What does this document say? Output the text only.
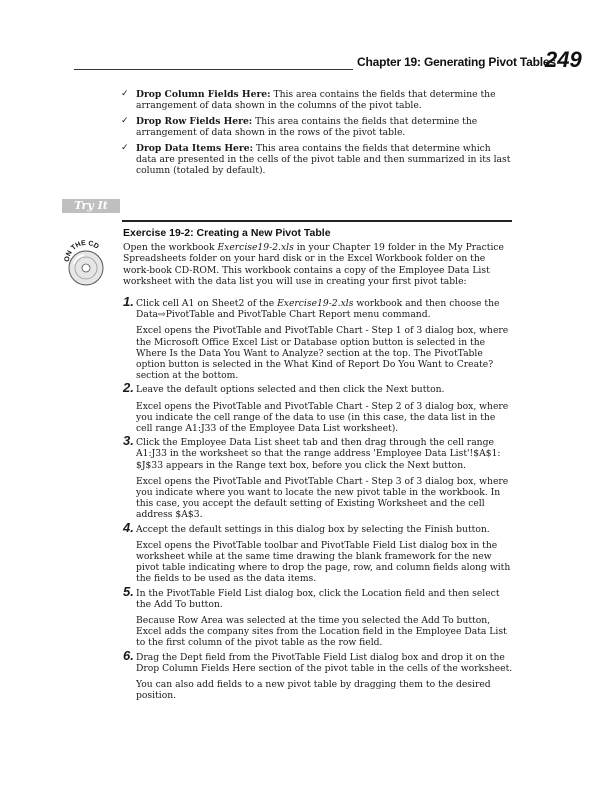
Chapter 19: Generating Pivot Tables
249
✓ Drop Column Fields Here: This area contains the fields that determine the arrangement of data shown in the columns of the pivot table.
✓ Drop Row Fields Here: This area contains the fields that determine the arrangement of data shown in the rows of the pivot table.
✓ Drop Data Items Here: This area contains the fields that determine which data are presented in the cells of the pivot table and then summarized in its last column (totaled by default).
Try It
Exercise 19-2: Creating a New Pivot Table
ON THE CD	Open the workbook Exercise19-2.xls in your Chapter 19 folder in the My Practice Spreadsheets folder on your hard disk or in the Excel Workbook folder on the work-book CD-ROM. This workbook contains a copy of the Employee Data List worksheet with the data list you will use in creating your first pivot table:
1. Click cell A1 on Sheet2 of the Exercise19-2.xls workbook and then choose the Data⇨PivotTable and PivotTable Chart Report menu command.

Excel opens the PivotTable and PivotTable Chart - Step 1 of 3 dialog box, where the Microsoft Office Excel List or Database option button is selected in the Where Is the Data You Want to Analyze? section at the top. The PivotTable option button is selected in the What Kind of Report Do You Want to Create? section at the bottom.

2. Leave the default options selected and then click the Next button.

Excel opens the PivotTable and PivotTable Chart - Step 2 of 3 dialog box, where you indicate the cell range of the data to use (in this case, the data list in the cell range A1:J33 of the Employee Data List worksheet).

3. Click the Employee Data List sheet tab and then drag through the cell range A1:J33 in the worksheet so that the range address 'Employee Data List'!$A$1: $J$33 appears in the Range text box, before you click the Next button.

Excel opens the PivotTable and PivotTable Chart - Step 3 of 3 dialog box, where you indicate where you want to locate the new pivot table in the workbook. In this case, you accept the default setting of Existing Worksheet and the cell address $A$3.

4. Accept the default settings in this dialog box by selecting the Finish button.

Excel opens the PivotTable toolbar and PivotTable Field List dialog box in the worksheet while at the same time drawing the blank framework for the new pivot table indicating where to drop the page, row, and column fields along with the fields to be used as the data items.

5. In the PivotTable Field List dialog box, click the Location field and then select the Add To button.

Because Row Area was selected at the time you selected the Add To button, Excel adds the company sites from the Location field in the Employee Data List to the first column of the pivot table as the row field.

6. Drag the Dept field from the PivotTable Field List dialog box and drop it on the Drop Column Fields Here section of the pivot table in the cells of the worksheet.

You can also add fields to a new pivot table by dragging them to the desired position.
